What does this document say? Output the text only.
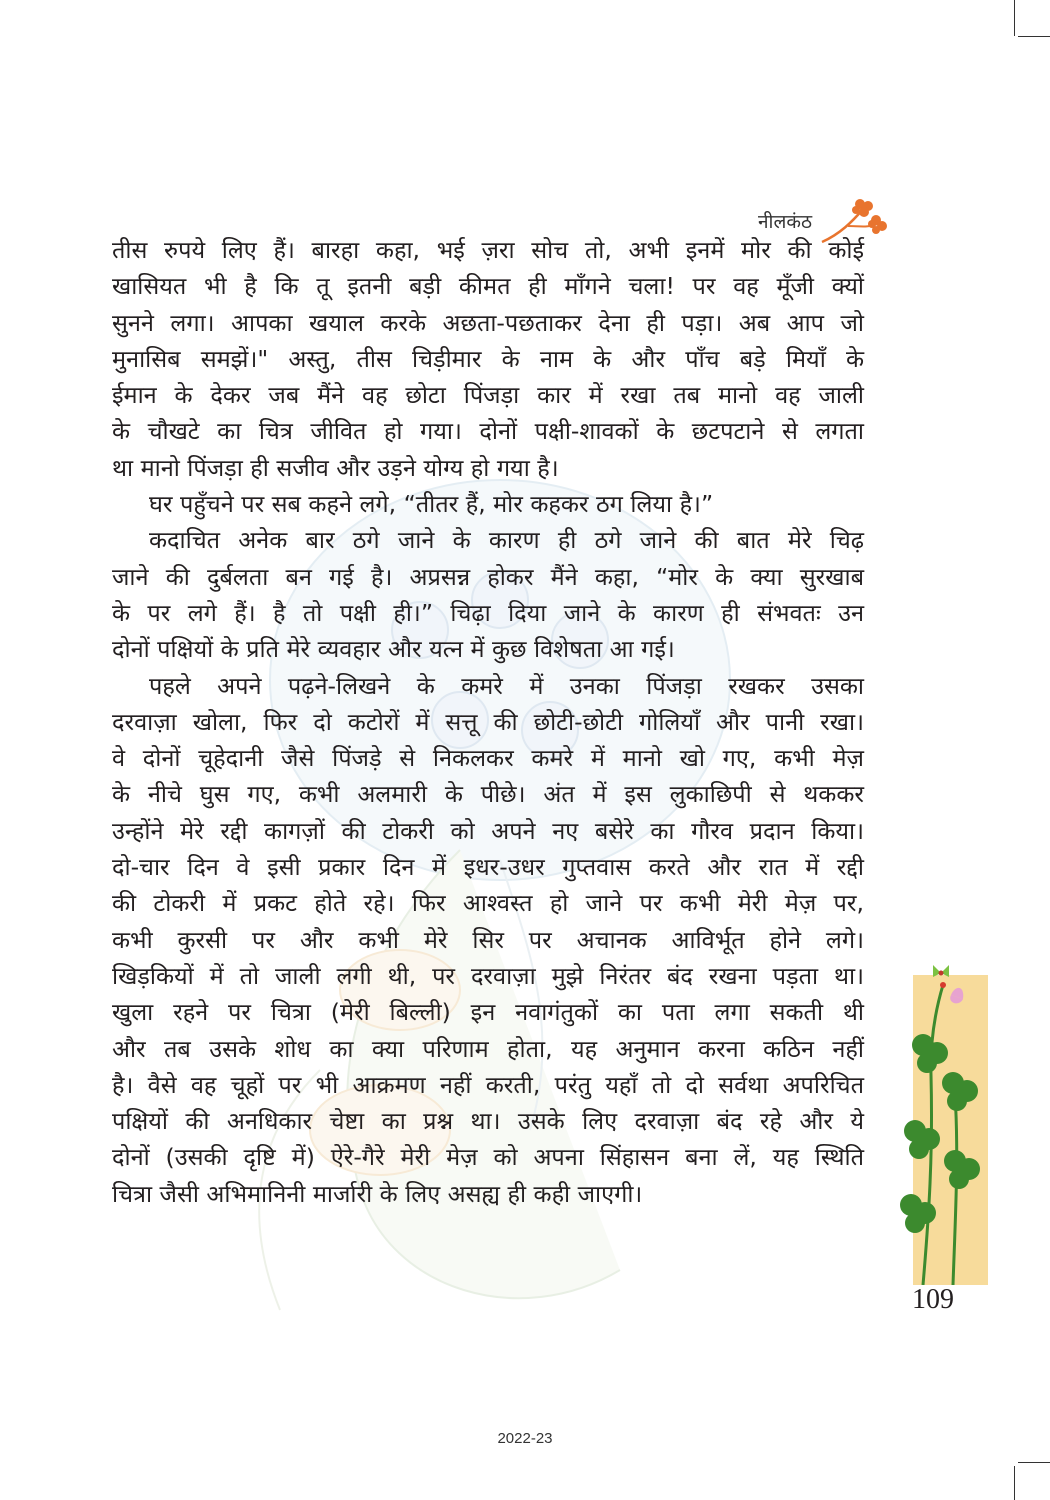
नीलकंठ
तीस रुपये लिए हैं। बारहा कहा, भई ज़रा सोच तो, अभी इनमें मोर की कोई
खासियत भी है कि तू इतनी बड़ी कीमत ही माँगने चला! पर वह मूँजी क्यों
सुनने लगा। आपका खयाल करके अछता-पछताकर देना ही पड़ा। अब आप जो
मुनासिब समझें।" अस्तु, तीस चिड़ीमार के नाम के और पाँच बड़े मियाँ के
ईमान के देकर जब मैंने वह छोटा पिंजड़ा कार में रखा तब मानो वह जाली
के चौखटे का चित्र जीवित हो गया। दोनों पक्षी-शावकों के छटपटाने से लगता
था मानो पिंजड़ा ही सजीव और उड़ने योग्य हो गया है।
घर पहुँचने पर सब कहने लगे, “तीतर हैं, मोर कहकर ठग लिया है।”
कदाचित अनेक बार ठगे जाने के कारण ही ठगे जाने की बात मेरे चिढ़
जाने की दुर्बलता बन गई है। अप्रसन्न होकर मैंने कहा, “मोर के क्या सुरखाब
के पर लगे हैं। है तो पक्षी ही।” चिढ़ा दिया जाने के कारण ही संभवतः उन
दोनों पक्षियों के प्रति मेरे व्यवहार और यत्न में कुछ विशेषता आ गई।
पहले अपने पढ़ने-लिखने के कमरे में उनका पिंजड़ा रखकर उसका
दरवाज़ा खोला, फिर दो कटोरों में सत्तू की छोटी-छोटी गोलियाँ और पानी रखा।
वे दोनों चूहेदानी जैसे पिंजड़े से निकलकर कमरे में मानो खो गए, कभी मेज़
के नीचे घुस गए, कभी अलमारी के पीछे। अंत में इस लुकाछिपी से थककर
उन्होंने मेरे रद्दी कागज़ों की टोकरी को अपने नए बसेरे का गौरव प्रदान किया।
दो-चार दिन वे इसी प्रकार दिन में इधर-उधर गुप्तवास करते और रात में रद्दी
की टोकरी में प्रकट होते रहे। फिर आश्वस्त हो जाने पर कभी मेरी मेज़ पर,
कभी कुरसी पर और कभी मेरे सिर पर अचानक आविर्भूत होने लगे।
खिड़कियों में तो जाली लगी थी, पर दरवाज़ा मुझे निरंतर बंद रखना पड़ता था।
खुला रहने पर चित्रा (मेरी बिल्ली) इन नवागंतुकों का पता लगा सकती थी
और तब उसके शोध का क्या परिणाम होता, यह अनुमान करना कठिन नहीं
है। वैसे वह चूहों पर भी आक्रमण नहीं करती, परंतु यहाँ तो दो सर्वथा अपरिचित
पक्षियों की अनधिकार चेष्टा का प्रश्न था। उसके लिए दरवाज़ा बंद रहे और ये
दोनों (उसकी दृष्टि में) ऐरे-गैरे मेरी मेज़ को अपना सिंहासन बना लें, यह स्थिति
चित्रा जैसी अभिमानिनी मार्जारी के लिए असह्य ही कही जाएगी।
109
2022-23
